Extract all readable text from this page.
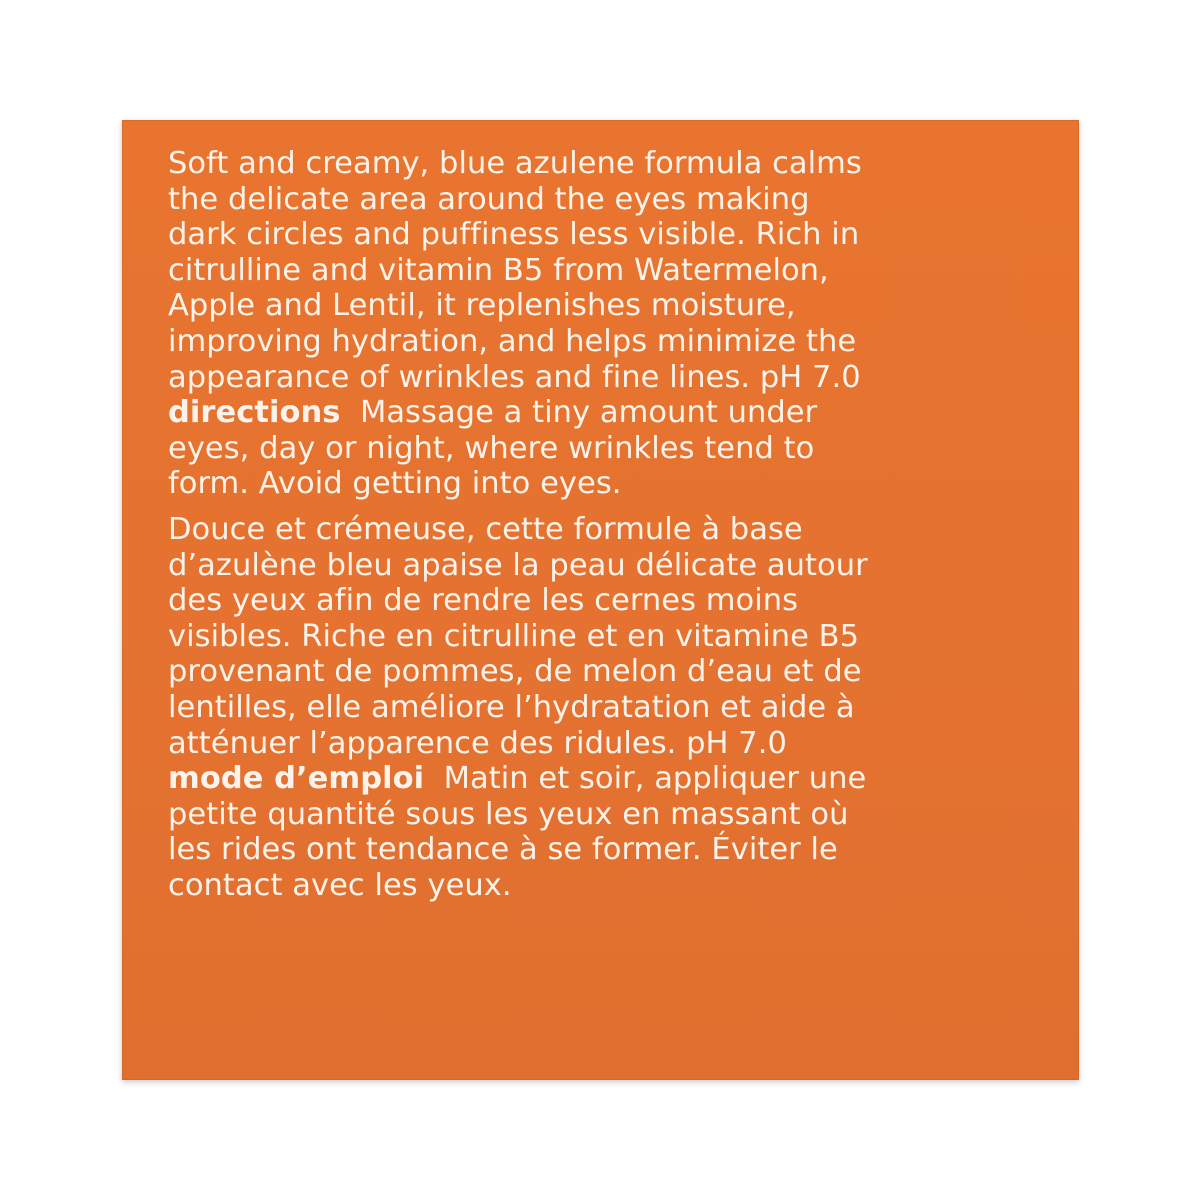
Soft and creamy, blue azulene formula calms
the delicate area around the eyes making
dark circles and puffiness less visible. Rich in
citrulline and vitamin B5 from Watermelon,
Apple and Lentil, it replenishes moisture,
improving hydration, and helps minimize the
appearance of wrinkles and fine lines. pH 7.0
directions Massage a tiny amount under
eyes, day or night, where wrinkles tend to
form. Avoid getting into eyes.

Douce et crémeuse, cette formule à base
d’azulène bleu apaise la peau délicate autour
des yeux afin de rendre les cernes moins
visibles. Riche en citrulline et en vitamine B5
provenant de pommes, de melon d’eau et de
lentilles, elle améliore l’hydratation et aide à
atténuer l’apparence des ridules. pH 7.0
mode d’emploi Matin et soir, appliquer une
petite quantité sous les yeux en massant où
les rides ont tendance à se former. Éviter le
contact avec les yeux.
